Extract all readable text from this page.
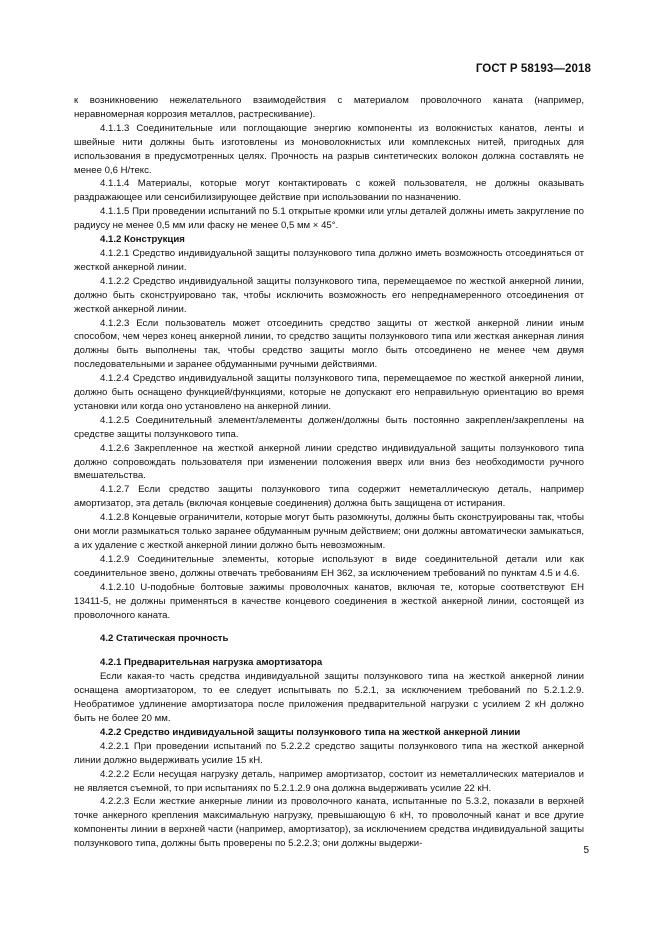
ГОСТ Р 58193—2018

к возникновению нежелательного взаимодействия с материалом проволочного каната (например, неравномерная коррозия металлов, растрескивание).

4.1.1.3 Соединительные или поглощающие энергию компоненты из волокнистых канатов, ленты и швейные нити должны быть изготовлены из моноволокнистых или комплексных нитей, пригодных для использования в предусмотренных целях. Прочность на разрыв синтетических волокон должна составлять не менее 0,6 Н/текс.

4.1.1.4 Материалы, которые могут контактировать с кожей пользователя, не должны оказывать раздражающее или сенсибилизирующее действие при использовании по назначению.

4.1.1.5 При проведении испытаний по 5.1 открытые кромки или углы деталей должны иметь закругление по радиусу не менее 0,5 мм или фаску не менее 0,5 мм × 45°.

4.1.2 Конструкция

4.1.2.1 Средство индивидуальной защиты ползункового типа должно иметь возможность отсоединяться от жесткой анкерной линии.

4.1.2.2 Средство индивидуальной защиты ползункового типа, перемещаемое по жесткой анкерной линии, должно быть сконструировано так, чтобы исключить возможность его непреднамеренного отсоединения от жесткой анкерной линии.

4.1.2.3 Если пользователь может отсоединить средство защиты от жесткой анкерной линии иным способом, чем через конец анкерной линии, то средство защиты ползункового типа или жесткая анкерная линия должны быть выполнены так, чтобы средство защиты могло быть отсоединено не менее чем двумя последовательными и заранее обдуманными ручными действиями.

4.1.2.4 Средство индивидуальной защиты ползункового типа, перемещаемое по жесткой анкерной линии, должно быть оснащено функцией/функциями, которые не допускают его неправильную ориентацию во время установки или когда оно установлено на анкерной линии.

4.1.2.5 Соединительный элемент/элементы должен/должны быть постоянно закреплен/закреплены на средстве защиты ползункового типа.

4.1.2.6 Закрепленное на жесткой анкерной линии средство индивидуальной защиты ползункового типа должно сопровождать пользователя при изменении положения вверх или вниз без необходимости ручного вмешательства.

4.1.2.7 Если средство защиты ползункового типа содержит неметаллическую деталь, например амортизатор, эта деталь (включая концевые соединения) должна быть защищена от истирания.

4.1.2.8 Концевые ограничители, которые могут быть разомкнуты, должны быть сконструированы так, чтобы они могли размыкаться только заранее обдуманным ручным действием; они должны автоматически замыкаться, а их удаление с жесткой анкерной линии должно быть невозможным.

4.1.2.9 Соединительные элементы, которые используют в виде соединительной детали или как соединительное звено, должны отвечать требованиям ЕН 362, за исключением требований по пунктам 4.5 и 4.6.

4.1.2.10 U-подобные болтовые зажимы проволочных канатов, включая те, которые соответствуют ЕН 13411-5, не должны применяться в качестве концевого соединения в жесткой анкерной линии, состоящей из проволочного каната.

4.2 Статическая прочность

4.2.1 Предварительная нагрузка амортизатора

Если какая-то часть средства индивидуальной защиты ползункового типа на жесткой анкерной линии оснащена амортизатором, то ее следует испытывать по 5.2.1, за исключением требований по 5.2.1.2.9. Необратимое удлинение амортизатора после приложения предварительной нагрузки с усилием 2 кН должно быть не более 20 мм.

4.2.2 Средство индивидуальной защиты ползункового типа на жесткой анкерной линии

4.2.2.1 При проведении испытаний по 5.2.2.2 средство защиты ползункового типа на жесткой анкерной линии должно выдерживать усилие 15 кН.

4.2.2.2 Если несущая нагрузку деталь, например амортизатор, состоит из неметаллических материалов и не является съемной, то при испытаниях по 5.2.1.2.9 она должна выдерживать усилие 22 кН.

4.2.2.3 Если жесткие анкерные линии из проволочного каната, испытанные по 5.3.2, показали в верхней точке анкерного крепления максимальную нагрузку, превышающую 6 кН, то проволочный канат и все другие компоненты линии в верхней части (например, амортизатор), за исключением средства индивидуальной защиты ползункового типа, должны быть проверены по 5.2.2.3; они должны выдержи-

5
